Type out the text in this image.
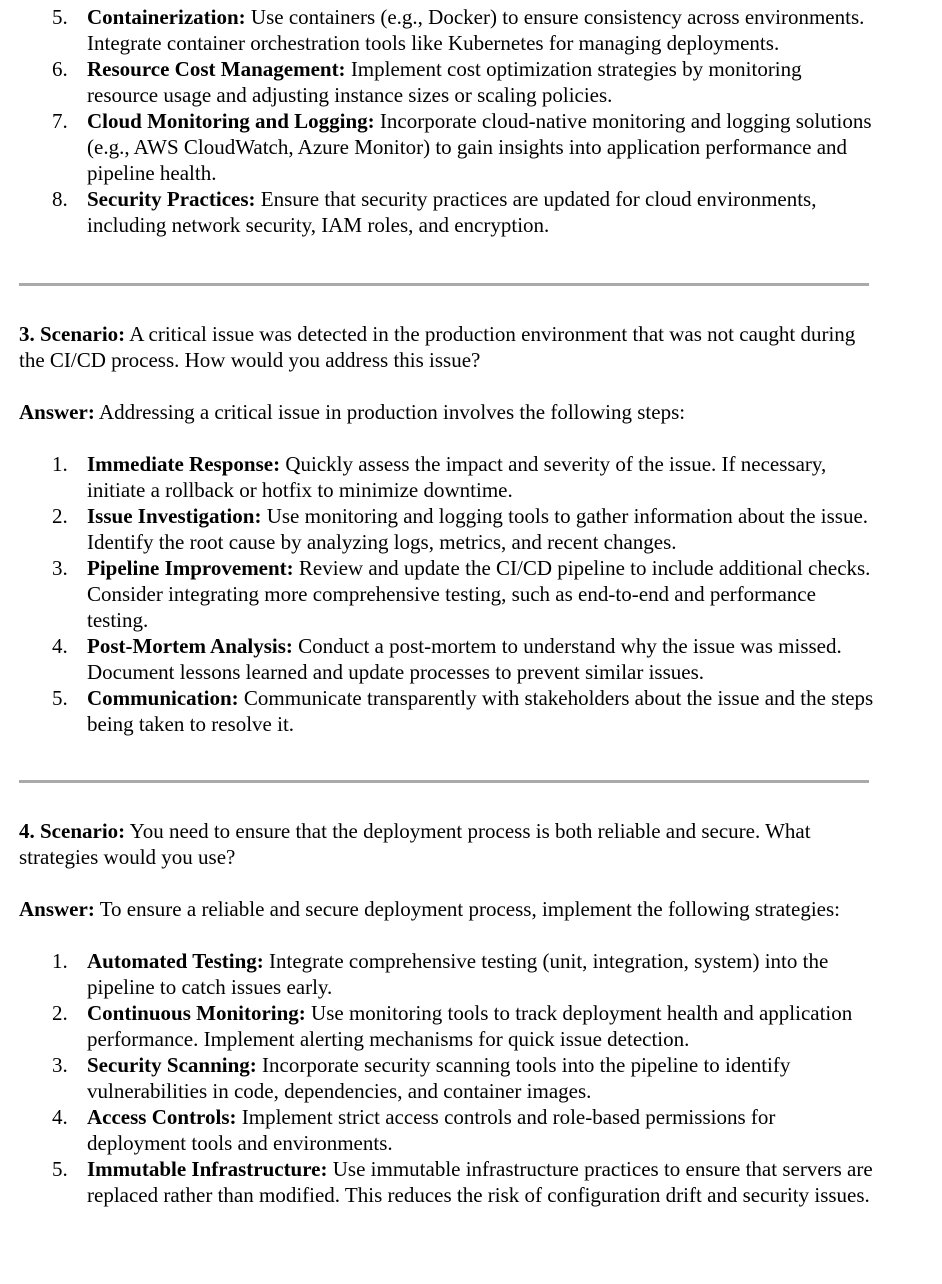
5. Containerization: Use containers (e.g., Docker) to ensure consistency across environments. Integrate container orchestration tools like Kubernetes for managing deployments.
6. Resource Cost Management: Implement cost optimization strategies by monitoring resource usage and adjusting instance sizes or scaling policies.
7. Cloud Monitoring and Logging: Incorporate cloud-native monitoring and logging solutions (e.g., AWS CloudWatch, Azure Monitor) to gain insights into application performance and pipeline health.
8. Security Practices: Ensure that security practices are updated for cloud environments, including network security, IAM roles, and encryption.

3. Scenario: A critical issue was detected in the production environment that was not caught during the CI/CD process. How would you address this issue?

Answer: Addressing a critical issue in production involves the following steps:

1. Immediate Response: Quickly assess the impact and severity of the issue. If necessary, initiate a rollback or hotfix to minimize downtime.
2. Issue Investigation: Use monitoring and logging tools to gather information about the issue. Identify the root cause by analyzing logs, metrics, and recent changes.
3. Pipeline Improvement: Review and update the CI/CD pipeline to include additional checks. Consider integrating more comprehensive testing, such as end-to-end and performance testing.
4. Post-Mortem Analysis: Conduct a post-mortem to understand why the issue was missed. Document lessons learned and update processes to prevent similar issues.
5. Communication: Communicate transparently with stakeholders about the issue and the steps being taken to resolve it.

4. Scenario: You need to ensure that the deployment process is both reliable and secure. What strategies would you use?

Answer: To ensure a reliable and secure deployment process, implement the following strategies:

1. Automated Testing: Integrate comprehensive testing (unit, integration, system) into the pipeline to catch issues early.
2. Continuous Monitoring: Use monitoring tools to track deployment health and application performance. Implement alerting mechanisms for quick issue detection.
3. Security Scanning: Incorporate security scanning tools into the pipeline to identify vulnerabilities in code, dependencies, and container images.
4. Access Controls: Implement strict access controls and role-based permissions for deployment tools and environments.
5. Immutable Infrastructure: Use immutable infrastructure practices to ensure that servers are replaced rather than modified. This reduces the risk of configuration drift and security issues.
